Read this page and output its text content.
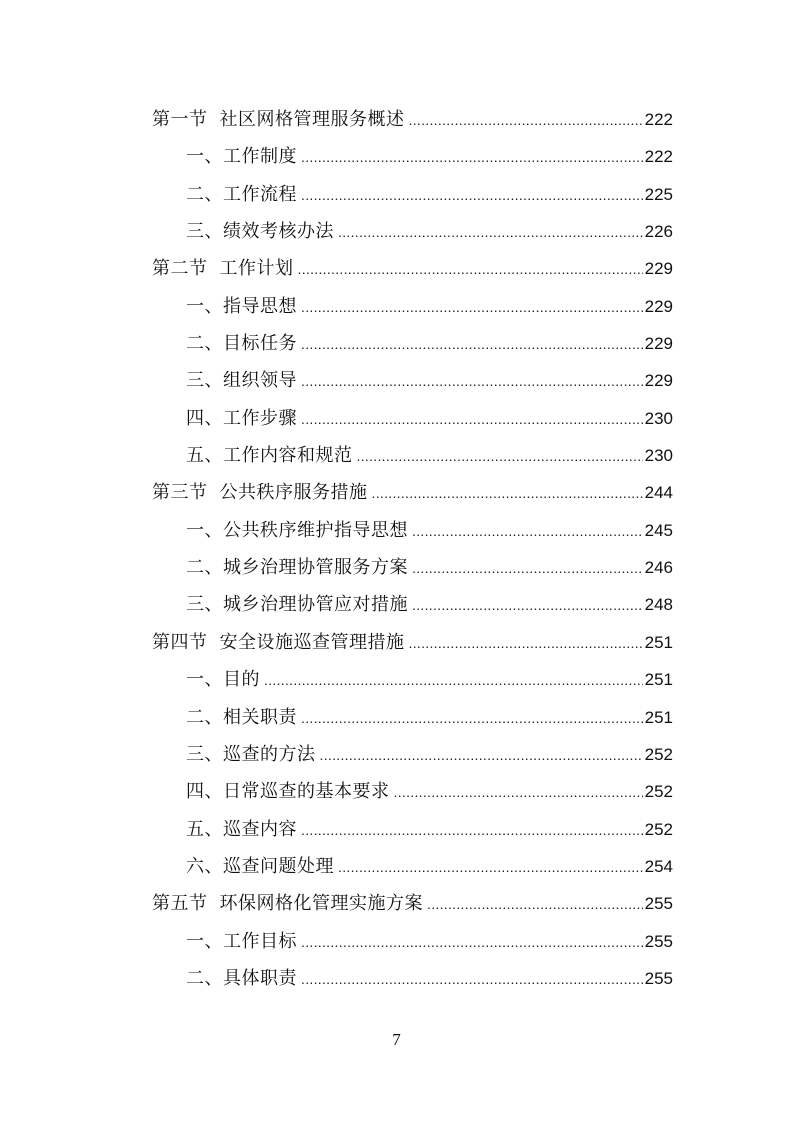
第一节 社区网格管理服务概述 .....	222
一、工作制度 .....	222
二、工作流程 .....	225
三、绩效考核办法 .....	226
第二节 工作计划 .....	229
一、指导思想 .....	229
二、目标任务 .....	229
三、组织领导 .....	229
四、工作步骤 .....	230
五、工作内容和规范 .....	230
第三节 公共秩序服务措施 .....	244
一、公共秩序维护指导思想 .....	245
二、城乡治理协管服务方案 .....	246
三、城乡治理协管应对措施 .....	248
第四节 安全设施巡查管理措施 .....	251
一、目的 .....	251
二、相关职责 .....	251
三、巡查的方法 .....	252
四、日常巡查的基本要求 .....	252
五、巡查内容 .....	252
六、巡查问题处理 .....	254
第五节 环保网格化管理实施方案 .....	255
一、工作目标 .....	255
二、具体职责 .....	255
7
